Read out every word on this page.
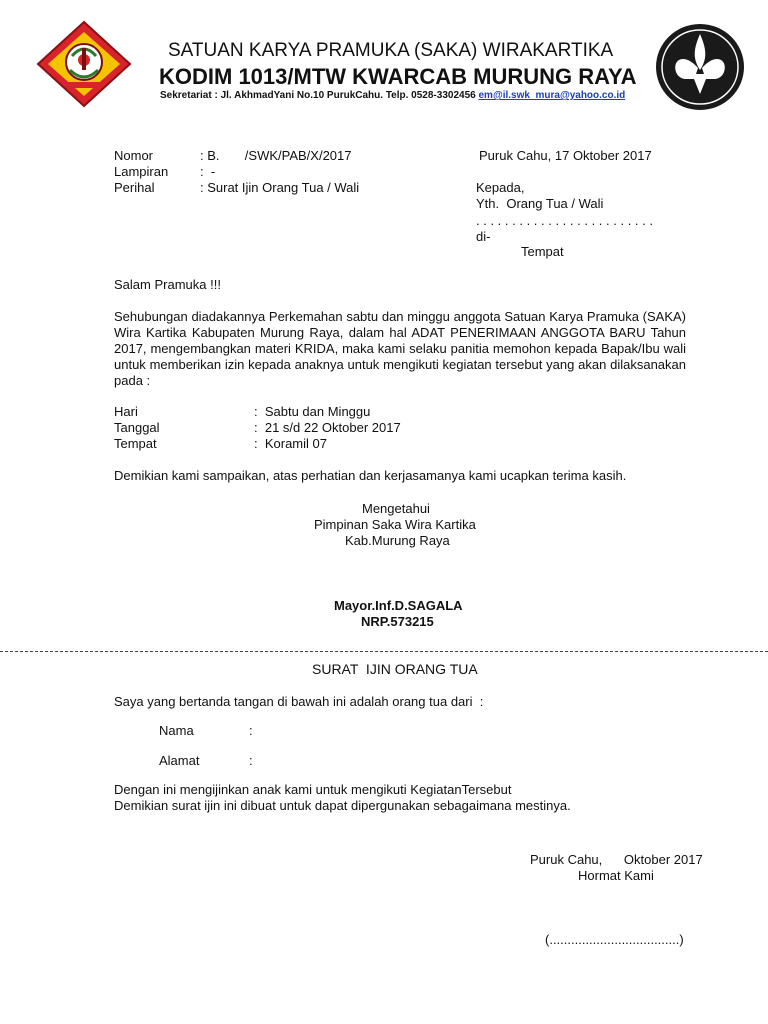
SATUAN KARYA PRAMUKA (SAKA) WIRAKARTIKA
KODIM 1013/MTW KWARCAB MURUNG RAYA
Sekretariat : Jl. AkhmadYani No.10 PurukCahu. Telp. 0528-3302456 em@il.swk_mura@yahoo.co.id
Nomor	: B.       /SWK/PAB/X/2017
Lampiran :  -
Perihal	: Surat Ijin Orang Tua / Wali
Puruk Cahu, 17 Oktober 2017
Kepada,
Yth.  Orang Tua / Wali
. . . . . . . . . . . . . . . . . . . . . . . . .
di-
Tempat
Salam Pramuka !!!
Sehubungan diadakannya Perkemahan sabtu dan minggu anggota Satuan Karya Pramuka (SAKA) Wira Kartika Kabupaten Murung Raya, dalam hal ADAT PENERIMAAN ANGGOTA BARU Tahun 2017, mengembangkan materi KRIDA, maka kami selaku panitia memohon kepada Bapak/Ibu wali untuk memberikan izin kepada anaknya untuk mengikuti kegiatan tersebut yang akan dilaksanakan pada :
Hari	:  Sabtu dan Minggu
Tanggal	:  21 s/d 22 Oktober 2017
Tempat	:  Koramil 07
Demikian kami sampaikan, atas perhatian dan kerjasamanya kami ucapkan terima kasih.
Mengetahui
Pimpinan Saka Wira Kartika
Kab.Murung Raya
Mayor.Inf.D.SAGALA
NRP.573215
SURAT  IJIN ORANG TUA
Saya yang bertanda tangan di bawah ini adalah orang tua dari  :
Nama	:
Alamat	:
Dengan ini mengijinkan anak kami untuk mengikuti KegiatanTersebut
Demikian surat ijin ini dibuat untuk dapat dipergunakan sebagaimana mestinya.
Puruk Cahu,      Oktober 2017
Hormat Kami
(....................................)
